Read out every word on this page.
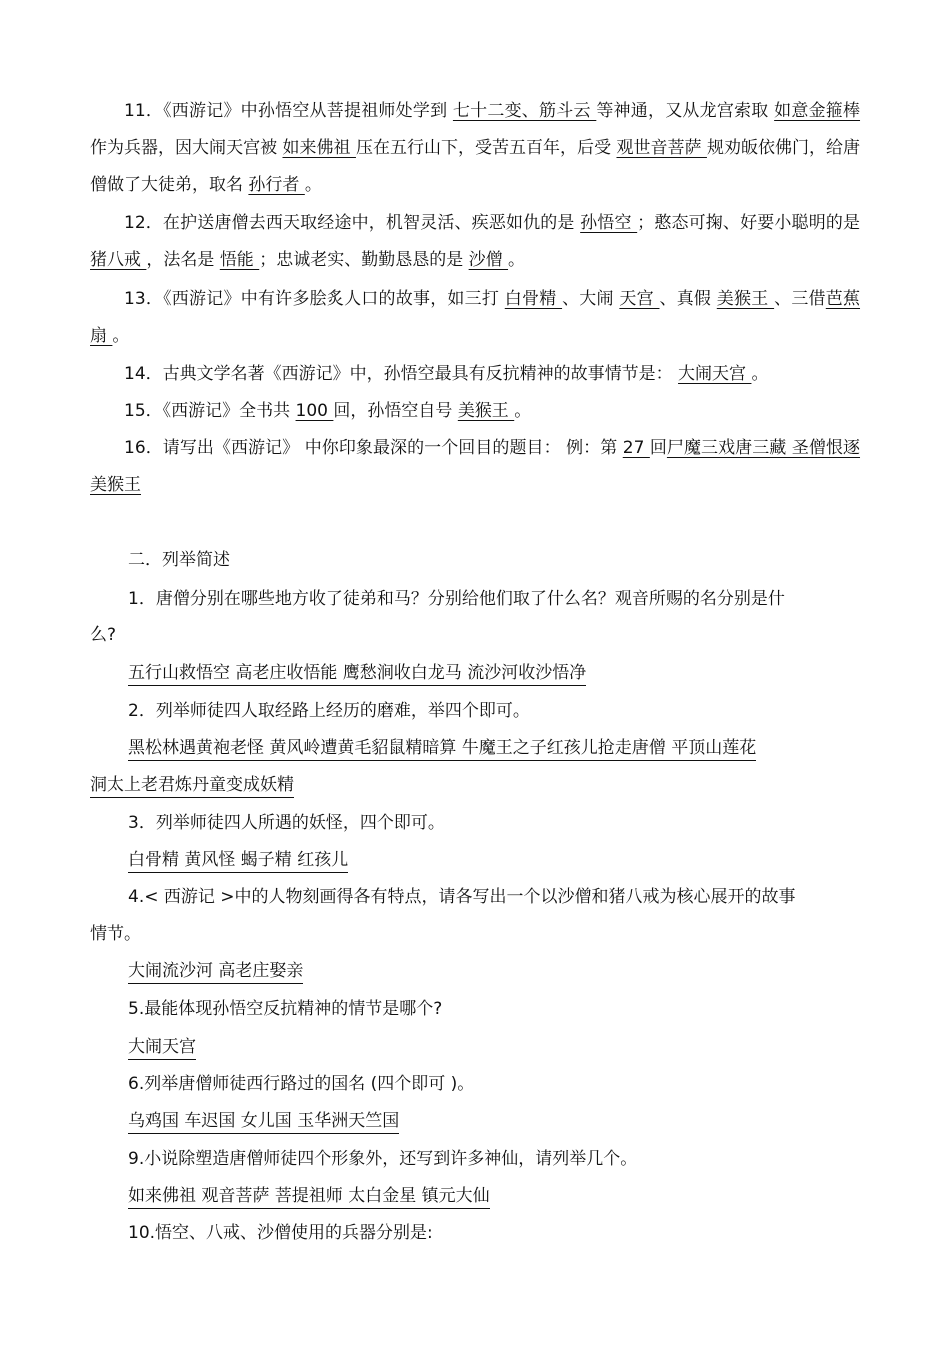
11．《西游记》中孙悟空从菩提祖师处学到 七十二变、筋斗云 等神通，又从龙宫索取 如意金箍棒 作为兵器，因大闹天宫被 如来佛祖 压在五行山下，受苦五百年，后受 观世音菩萨 规劝皈依佛门，给唐僧做了大徒弟，取名 孙行者 。
12．在护送唐僧去西天取经途中，机智灵活、疾恶如仇的是 孙悟空 ；憨态可掬、好要小聪明的是 猪八戒 ，法名是 悟能 ；忠诚老实、勤勤恳恳的是 沙僧 。
13．《西游记》中有许多脍炙人口的故事，如三打 白骨精 、大闹 天宫 、真假 美猴王 、三借芭蕉扇 。
14．古典文学名著《西游记》中，孙悟空最具有反抗精神的故事情节是： 大闹天宫 。
15．《西游记》全书共 100 回，孙悟空自号 美猴王 。
16．请写出《西游记》 中你印象最深的一个回目的题目： 例：第 27 回尸魔三戏唐三藏 圣僧恨逐美猴王
二．列举简述
1．唐僧分别在哪些地方收了徒弟和马？分别给他们取了什么名？观音所赐的名分别是什
么?
五行山救悟空 高老庄收悟能 鹰愁涧收白龙马 流沙河收沙悟净
2．列举师徒四人取经路上经历的磨难，举四个即可。
黑松林遇黄袍老怪 黄风岭遭黄毛貂鼠精暗算 牛魔王之子红孩儿抢走唐僧 平顶山莲花
洞太上老君炼丹童变成妖精
3．列举师徒四人所遇的妖怪，四个即可。
白骨精 黄风怪 蝎子精 红孩儿
4.< 西游记 >中的人物刻画得各有特点，请各写出一个以沙僧和猪八戒为核心展开的故事
情节。
大闹流沙河 高老庄娶亲
5.最能体现孙悟空反抗精神的情节是哪个?
大闹天宫
6.列举唐僧师徒西行路过的国名 (四个即可 )。
乌鸡国 车迟国 女儿国 玉华洲天竺国
9.小说除塑造唐僧师徒四个形象外，还写到许多神仙，请列举几个。
如来佛祖 观音菩萨 菩提祖师 太白金星 镇元大仙
10.悟空、八戒、沙僧使用的兵器分别是:
